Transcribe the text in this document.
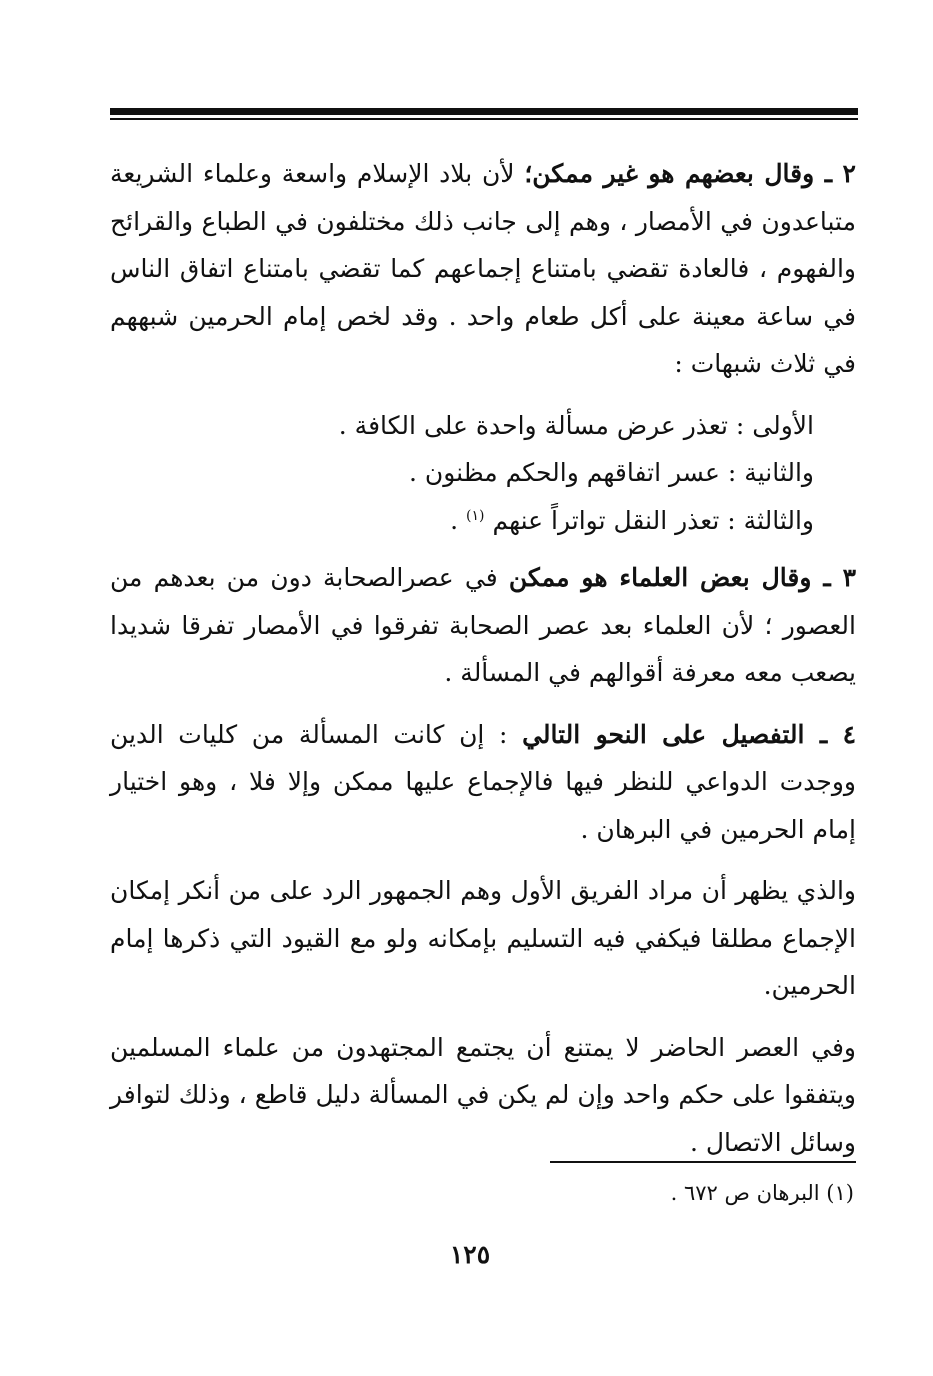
٢ ـ وقال بعضهم هو غير ممكن؛ لأن بلاد الإسلام واسعة وعلماء الشريعة متباعدون في الأمصار ، وهم إلى جانب ذلك مختلفون في الطباع والقرائح والفهوم ، فالعادة تقضي بامتناع إجماعهم كما تقضي بامتناع اتفاق الناس في ساعة معينة على أكل طعام واحد . وقد لخص إمام الحرمين شبههم في ثلاث شبهات :

الأولى : تعذر عرض مسألة واحدة على الكافة .

والثانية : عسر اتفاقهم والحكم مظنون .

والثالثة : تعذر النقل تواتراً عنهم $^{(١)}$ .

٣ ـ وقال بعض العلماء هو ممكن في عصرالصحابة دون من بعدهم من العصور ؛ لأن العلماء بعد عصر الصحابة تفرقوا في الأمصار تفرقا شديدا يصعب معه معرفة أقوالهم في المسألة .

٤ ـ التفصيل على النحو التالي : إن كانت المسألة من كليات الدين ووجدت الدواعي للنظر فيها فالإجماع عليها ممكن وإلا فلا ، وهو اختيار إمام الحرمين في البرهان .

والذي يظهر أن مراد الفريق الأول وهم الجمهور الرد على من أنكر إمكان الإجماع مطلقا فيكفي فيه التسليم بإمكانه ولو مع القيود التي ذكرها إمام الحرمين.

وفي العصر الحاضر لا يمتنع أن يجتمع المجتهدون من علماء المسلمين ويتفقوا على حكم واحد وإن لم يكن في المسألة دليل قاطع ، وذلك لتوافر وسائل الاتصال .

(١) البرهان ص ٦٧٢ .
١٢٥
